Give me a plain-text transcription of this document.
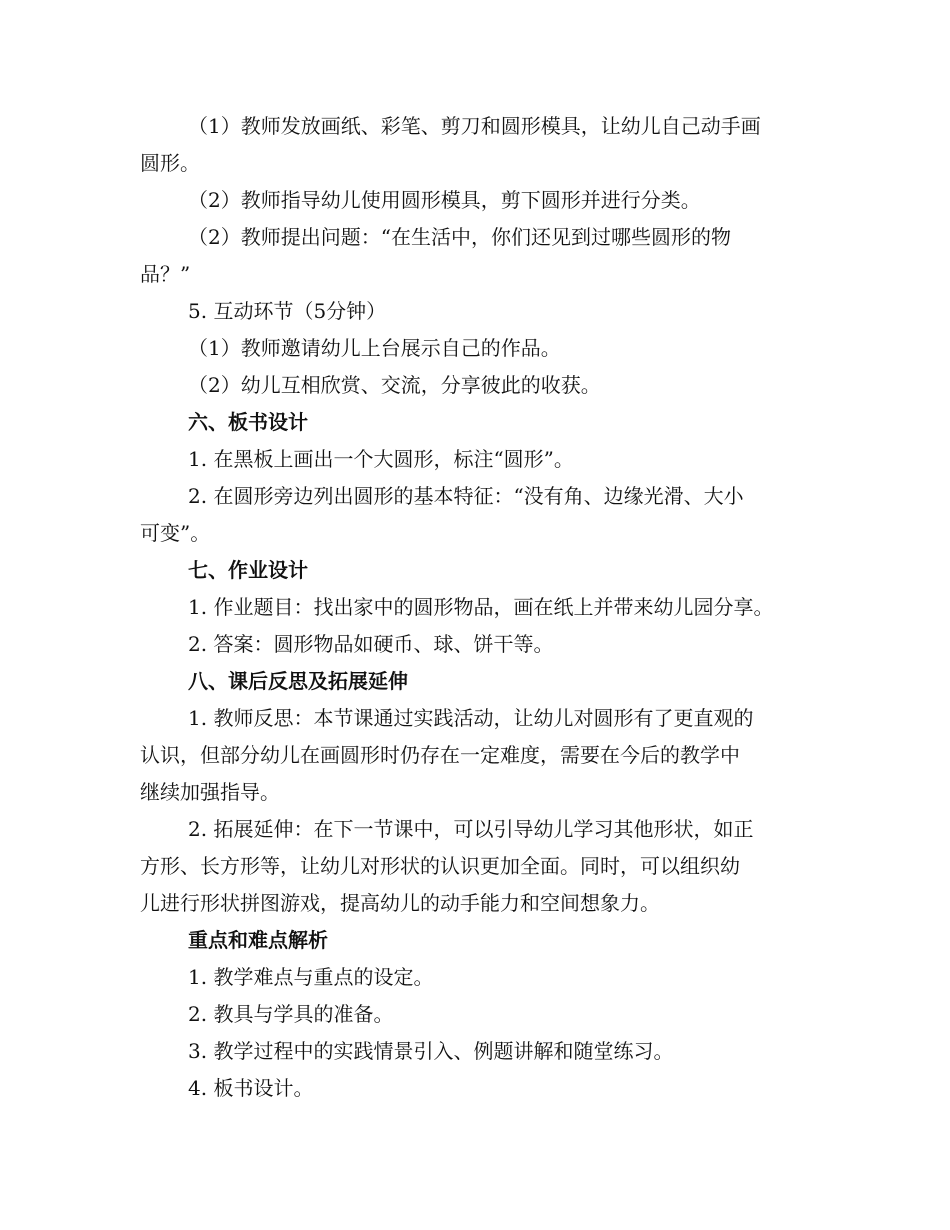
（1）教师发放画纸、彩笔、剪刀和圆形模具，让幼儿自己动手画
圆形。
（2）教师指导幼儿使用圆形模具，剪下圆形并进行分类。
（2）教师提出问题：“在生活中，你们还见到过哪些圆形的物
品？”
5. 互动环节（5分钟）
（1）教师邀请幼儿上台展示自己的作品。
（2）幼儿互相欣赏、交流，分享彼此的收获。
六、板书设计
1. 在黑板上画出一个大圆形，标注“圆形”。
2. 在圆形旁边列出圆形的基本特征：“没有角、边缘光滑、大小
可变”。
七、作业设计
1. 作业题目：找出家中的圆形物品，画在纸上并带来幼儿园分享。
2. 答案：圆形物品如硬币、球、饼干等。
八、课后反思及拓展延伸
1. 教师反思：本节课通过实践活动，让幼儿对圆形有了更直观的
认识，但部分幼儿在画圆形时仍存在一定难度，需要在今后的教学中
继续加强指导。
2. 拓展延伸：在下一节课中，可以引导幼儿学习其他形状，如正
方形、长方形等，让幼儿对形状的认识更加全面。同时，可以组织幼
儿进行形状拼图游戏，提高幼儿的动手能力和空间想象力。
重点和难点解析
1. 教学难点与重点的设定。
2. 教具与学具的准备。
3. 教学过程中的实践情景引入、例题讲解和随堂练习。
4. 板书设计。
